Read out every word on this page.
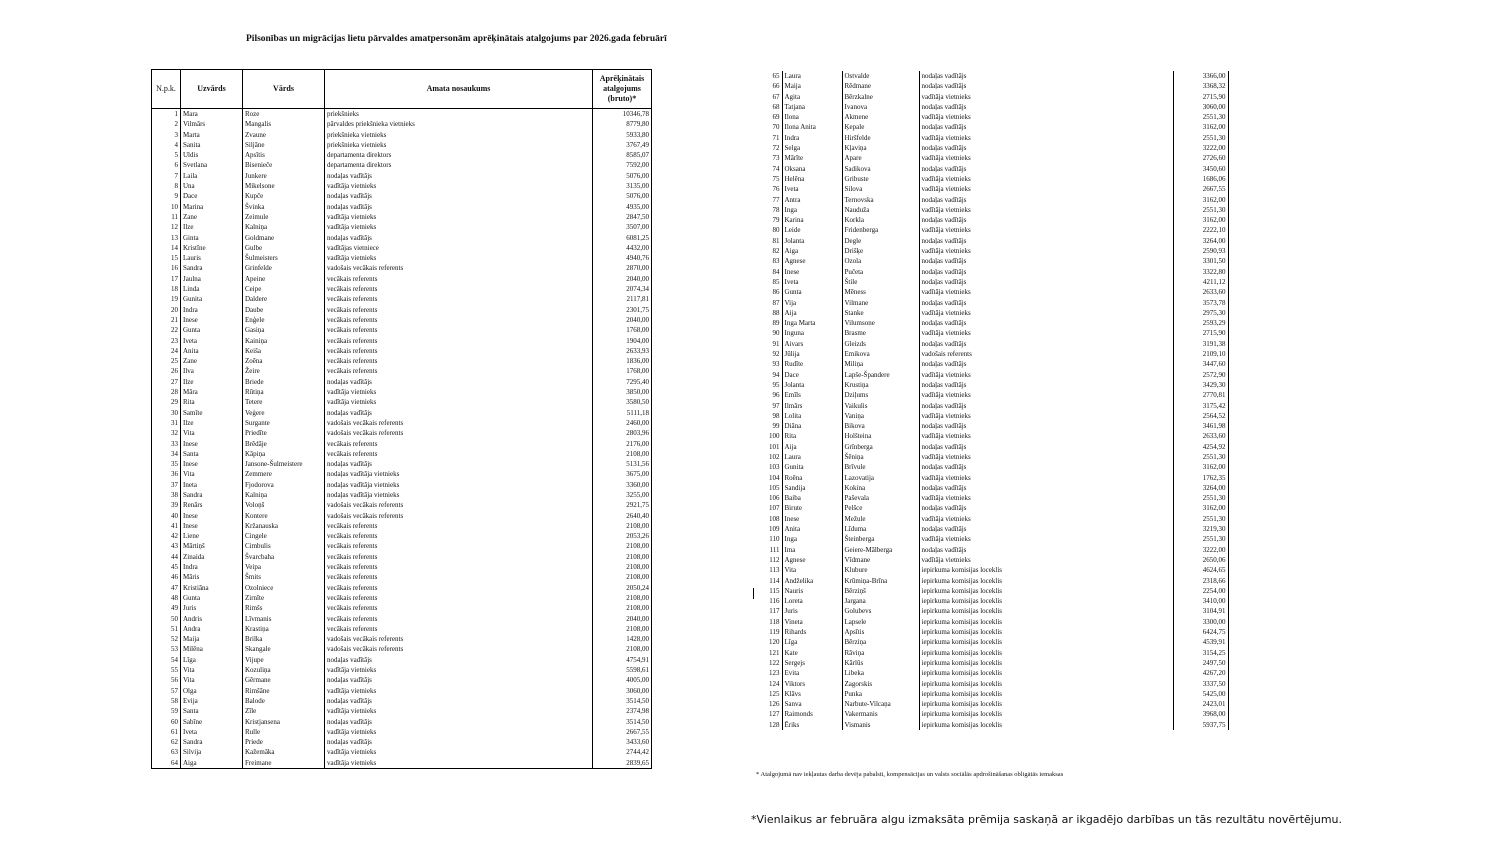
Pilsonības un migrācijas lietu pārvaldes amatpersonām aprēķinātais atalgojums par 2026.gada februārī
N.p.k.	Uzvārds	Vārds	Amata nosaukums	Aprēķinātais atalgojums (bruto)*
1	Mara	Roze	priekšnieks	10346,78
2	Vilmārs	Mangalis	pārvaldes priekšnieka vietnieks	8779,80
3	Marta	Zvaune	priekšnieka vietnieks	5933,80
4	Sanita	Siljāne	priekšnieka vietnieks	3767,49
5	Uldis	Apsītis	departamenta direktors	8585,07
6	Svetlana	Bisenieče	departamenta direktors	7592,00
7	Laila	Junkere	nodaļas vadītājs	5076,00
8	Una	Mikelsone	vadītāja vietnieks	3135,00
9	Dace	Kupče	nodaļas vadītājs	5076,00
10	Marina	Švinka	nodaļas vadītājs	4935,00
11	Zane	Zeimule	vadītāja vietnieks	2847,50
12	Ilze	Kalniņa	vadītāja vietnieks	3507,00
13	Ginta	Goldmane	nodaļas vadītājs	6081,25
14	Kristīne	Gulbe	vadītājas vietniece	4432,00
15	Lauris	Šulmeisters	vadītāja vietnieks	4940,76
16	Sandra	Grinfelde	vadošais vecākais referents	2870,00
17	Jaulna	Apeine	vecākais referents	2040,00
18	Linda	Ceipe	vecākais referents	2074,34
19	Gunita	Daldere	vecākais referents	2117,81
20	Indra	Daube	vecākais referents	2301,75
21	Inese	Enģele	vecākais referents	2040,00
22	Gunta	Gasiņa	vecākais referents	1768,00
23	Iveta	Kainiņa	vecākais referents	1904,00
24	Anita	Keiša	vecākais referents	2633,93
25	Zane	Zoēna	vecākais referents	1836,00
26	Ilva	Žeire	vecākais referents	1768,00
27	Ilze	Briede	nodaļas vadītājs	7295,40
28	Māra	Rūtiņa	vadītāja vietnieks	3850,00
29	Rita	Tetere	vadītāja vietnieks	3580,50
30	Samīte	Veģere	nodaļas vadītājs	5111,18
31	Ilze	Surgante	vadošais vecākais referents	2460,00
32	Vita	Priedīte	vadošais vecākais referents	2803,96
33	Inese	Brēdāje	vecākais referents	2176,00
34	Santa	Kāpiņa	vecākais referents	2108,00
35	Inese	Jansone-Šulmeistere	nodaļas vadītājs	5131,56
36	Vita	Zemmere	nodaļas vadītāja vietnieks	3675,00
37	Ineta	Fjodorova	nodaļas vadītāja vietnieks	3360,00
38	Sandra	Kalniņa	nodaļas vadītāja vietnieks	3255,00
39	Renārs	Voloņš	vadošais vecākais referents	2921,75
40	Inese	Kontere	vadošais vecākais referents	2640,40
41	Inese	Kržanauska	vecākais referents	2108,00
42	Liene	Cingele	vecākais referents	2053,26
43	Mārtiņš	Cimbulis	vecākais referents	2108,00
44	Zinaida	Švarcbaha	vecākais referents	2108,00
45	Indra	Veipa	vecākais referents	2108,00
46	Māris	Šmits	vecākais referents	2108,00
47	Kristiāna	Ozolniece	vecākais referents	2050,24
48	Gunta	Zirnīte	vecākais referents	2108,00
49	Juris	Rimšs	vecākais referents	2108,00
50	Andris	Līvmanis	vecākais referents	2040,00
51	Andra	Krastiņa	vecākais referents	2108,00
52	Maija	Brilka	vadošais vecākais referents	1428,00
53	Milēna	Skangale	vadošais vecākais referents	2108,00
54	Līga	Vijupe	nodaļas vadītājs	4754,91
55	Vita	Kozuliņa	vadītāja vietnieks	5598,61
56	Vita	Gērmane	nodaļas vadītājs	4005,00
57	Olga	Rimšāne	vadītāja vietnieks	3060,00
58	Evija	Balode	nodaļas vadītājs	3514,50
59	Santa	Zīle	vadītāja vietnieks	2374,98
60	Sabīne	Kristjansena	nodaļas vadītājs	3514,50
61	Iveta	Rulle	vadītāja vietnieks	2667,55
62	Sandra	Priede	nodaļas vadītājs	3433,60
63	Silvija	Kažemāka	vadītāja vietnieks	2744,42
64	Aiga	Freimane	vadītāja vietnieks	2839,65
65	Laura	Ostvalde	nodaļas vadītājs	3366,00
66	Maija	Rēdmane	nodaļas vadītājs	3368,32
67	Agita	Bērzkalne	vadītāja vietnieks	2715,90
68	Tatjana	Ivanova	nodaļas vadītājs	3060,00
69	Ilona	Akmene	vadītāja vietnieks	2551,30
70	Ilona Anita	Ķepale	nodaļas vadītājs	3162,00
71	Indra	Hiršfelde	vadītāja vietnieks	2551,30
72	Selga	Kļaviņa	nodaļas vadītājs	3222,00
73	Mārīte	Apare	vadītāja vietnieks	2726,60
74	Oksana	Sadikova	nodaļas vadītājs	3450,60
75	Helēna	Gribuste	vadītāja vietnieks	1686,06
76	Iveta	Silova	vadītāja vietnieks	2667,55
77	Antra	Ternovska	nodaļas vadītājs	3162,00
78	Inga	Nauduža	vadītāja vietnieks	2551,30
79	Karina	Korkla	nodaļas vadītājs	3162,00
80	Leide	Fridenberga	vadītāja vietnieks	2222,10
81	Jolanta	Degle	nodaļas vadītājs	3264,00
82	Aiga	Drišķe	vadītāja vietnieks	2590,93
83	Agnese	Ozola	nodaļas vadītājs	3301,50
84	Inese	Pučeta	nodaļas vadītājs	3322,80
85	Iveta	Štile	nodaļas vadītājs	4211,12
86	Gunta	Mēness	vadītāja vietnieks	2633,60
87	Vija	Vilmane	nodaļas vadītājs	3573,78
88	Aija	Stanke	vadītāja vietnieks	2975,30
89	Inga Marta	Vilumsone	nodaļas vadītājs	2593,29
90	Inguna	Brasme	vadītāja vietnieks	2715,90
91	Aivars	Gleizds	nodaļas vadītājs	3191,38
92	Jūlija	Emikova	vadošais referents	2109,10
93	Rudīte	Miliņa	nodaļas vadītājs	3447,60
94	Dace	Lapše-Špandere	vadītāja vietnieks	2572,90
95	Jolanta	Krustiņa	nodaļas vadītājs	3429,30
96	Emīls	Dziļums	vadītāja vietnieks	2770,81
97	Ilmārs	Vaikulis	nodaļas vadītājs	3175,42
98	Lolita	Vaniņa	vadītāja vietnieks	2564,52
99	Diāna	Bikova	nodaļas vadītājs	3461,98
100	Rita	Holšteina	vadītāja vietnieks	2633,60
101	Aija	Grīnberga	nodaļas vadītājs	4254,92
102	Laura	Šēniņa	vadītāja vietnieks	2551,30
103	Gunita	Brīvule	nodaļas vadītājs	3162,00
104	Roēna	Lazovatija	vadītāja vietnieks	1762,35
105	Sandija	Kokina	nodaļas vadītājs	3264,00
106	Baiba	Paševala	vadītāja vietnieks	2551,30
107	Birute	Pelšce	nodaļas vadītājs	3162,00
108	Inese	Mežule	vadītāja vietnieks	2551,30
109	Anita	Līduma	nodaļas vadītājs	3219,30
110	Inga	Šteinberga	vadītāja vietnieks	2551,30
111	Ima	Geiere-Mālberga	nodaļas vadītājs	3222,00
112	Agnese	Vīdmane	vadītāja vietnieks	2650,06
113	Vita	Klubure	iepirkuma komisijas loceklis	4624,65
114	Andželika	Krūmiņa-Brīna	iepirkuma komisijas loceklis	2318,66
115	Nauris	Bērziņš	iepirkuma komisijas loceklis	2254,00
116	Loreta	Jargana	iepirkuma komisijas loceklis	3410,00
117	Juris	Golubevs	iepirkuma komisijas loceklis	3104,91
118	Vineta	Lapsele	iepirkuma komisijas loceklis	3300,00
119	Rihards	Apsītis	iepirkuma komisijas loceklis	6424,75
120	Līga	Bērziņa	iepirkuma komisijas loceklis	4539,91
121	Kate	Rāviņa	iepirkuma komisijas loceklis	3154,25
122	Sergejs	Kārlūs	iepirkuma komisijas loceklis	2497,50
123	Evita	Libeka	iepirkuma komisijas loceklis	4267,20
124	Viktors	Zagorskis	iepirkuma komisijas loceklis	3337,50
125	Klāvs	Punka	iepirkuma komisijas loceklis	5425,00
126	Sanva	Narbute-Vilcaņa	iepirkuma komisijas loceklis	2423,01
127	Raimonds	Vakermanis	iepirkuma komisijas loceklis	3968,00
128	Ēriks	Vismanis	iepirkuma komisijas loceklis	5937,75
* Atalgojumā nav iekļautas darba devēja pabalsti, kompensācijas un valsts sociālās apdrošināšanas obligātās iemaksas
*Vienlaikus ar februāra algu izmaksāta prēmija saskaņā ar ikgadējo darbības un tās rezultātu novērtējumu.
